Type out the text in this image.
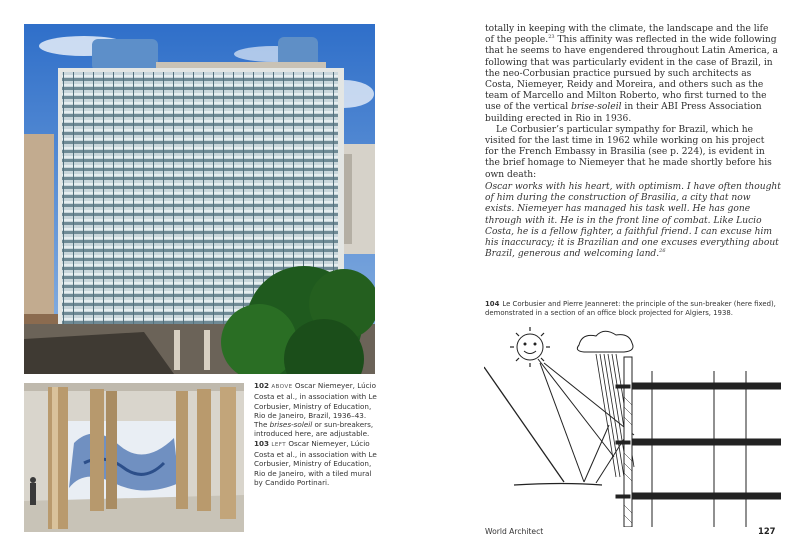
102 ABOVE Oscar Niemeyer, Lúcio Costa et al., in association with Le Corbusier, Ministry of Education, Rio de Janeiro, Brazil, 1936–43. The brises-soleil or sun-breakers, introduced here, are adjustable.
103 LEFT Oscar Niemeyer, Lúcio Costa et al., in association with Le Corbusier, Ministry of Education, Rio de Janeiro, with a tiled mural by Candido Portinari.

totally in keeping with the climate, the landscape and the life of the people.$^{23}$ This affinity was reflected in the wide following that he seems to have engendered throughout Latin America, a following that was particularly evident in the case of Brazil, in the neo-Corbusian practice pursued by such architects as Costa, Niemeyer, Reidy and Moreira, and others such as the team of Marcello and Milton Roberto, who first turned to the use of the vertical brise-soleil in their ABI Press Association building erected in Rio in 1936.

Le Corbusier’s particular sympathy for Brazil, which he visited for the last time in 1962 while working on his project for the French Embassy in Brasilia (see p. 224), is evident in the brief homage to Niemeyer that he made shortly before his own death:

Oscar works with his heart, with optimism. I have often thought of him during the construction of Brasilia, a city that now exists. Niemeyer has managed his task well. He has gone through with it. He is in the front line of combat. Like Lucio Costa, he is a fellow fighter, a faithful friend. I can excuse him his inaccuracy; it is Brazilian and one excuses everything about Brazil, generous and welcoming land.$^{26}$
104 Le Corbusier and Pierre Jeanneret: the principle of the sun-breaker (here fixed), demonstrated in a section of an office block projected for Algiers, 1938.
World Architect	127
